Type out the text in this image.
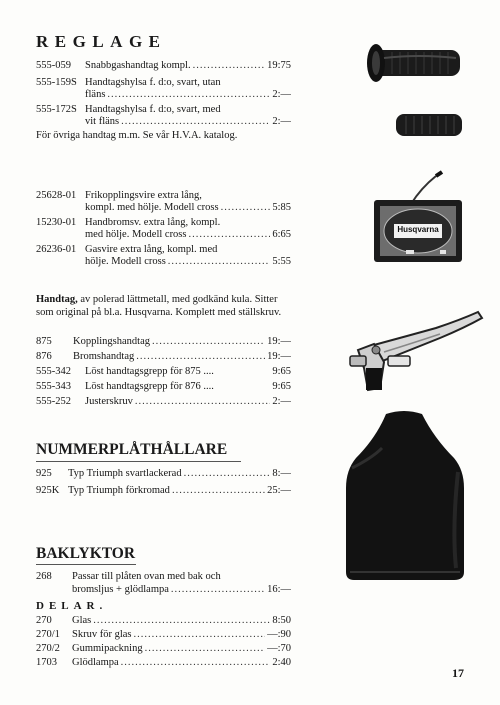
REGLAGE
555-059	Snabbgashandtag kompl. .....	19:75
555-159S Handtagshylsa f. d:o, svart, utan
fläns .....	2:—
555-172S Handtagshylsa f. d:o, svart, med
vit fläns .....	2:—
För övriga handtag m.m. Se vår H.V.A. katalog.
25628-01 Frikopplingsvire extra lång,
kompl. med hölje. Modell cross .....	5:85
15230-01 Handbromsv. extra lång, kompl.
med hölje. Modell cross .....	6:65
26236-01 Gasvire extra lång, kompl. med
hölje. Modell cross .....	5:55
Husqvarna
Handtag, av polerad lättmetall, med godkänd kula. Sitter som original på bl.a. Husqvarna. Komplett med ställskruv.
875	Kopplingshandtag .....	19:—
876	Bromshandtag .....	19:—
555-342	Löst handtagsgrepp för 875 ....	9:65
555-343	Löst handtagsgrepp för 876 ....	9:65
555-252	Justerskruv .....	2:—
NUMMERPLÅTHÅLLARE
925	Typ Triumph svartlackerad .....	8:—
925K Typ Triumph förkromad .....	25:—
BAKLYKTOR
268	Passar till plåten ovan med bak och
bromsljus + glödlampa .....	16:—
DELAR.
270	Glas .....	8:50
270/1	Skruv för glas .....	—:90
270/2	Gummipackning .....	—:70
1703	Glödlampa .....	2:40
17
